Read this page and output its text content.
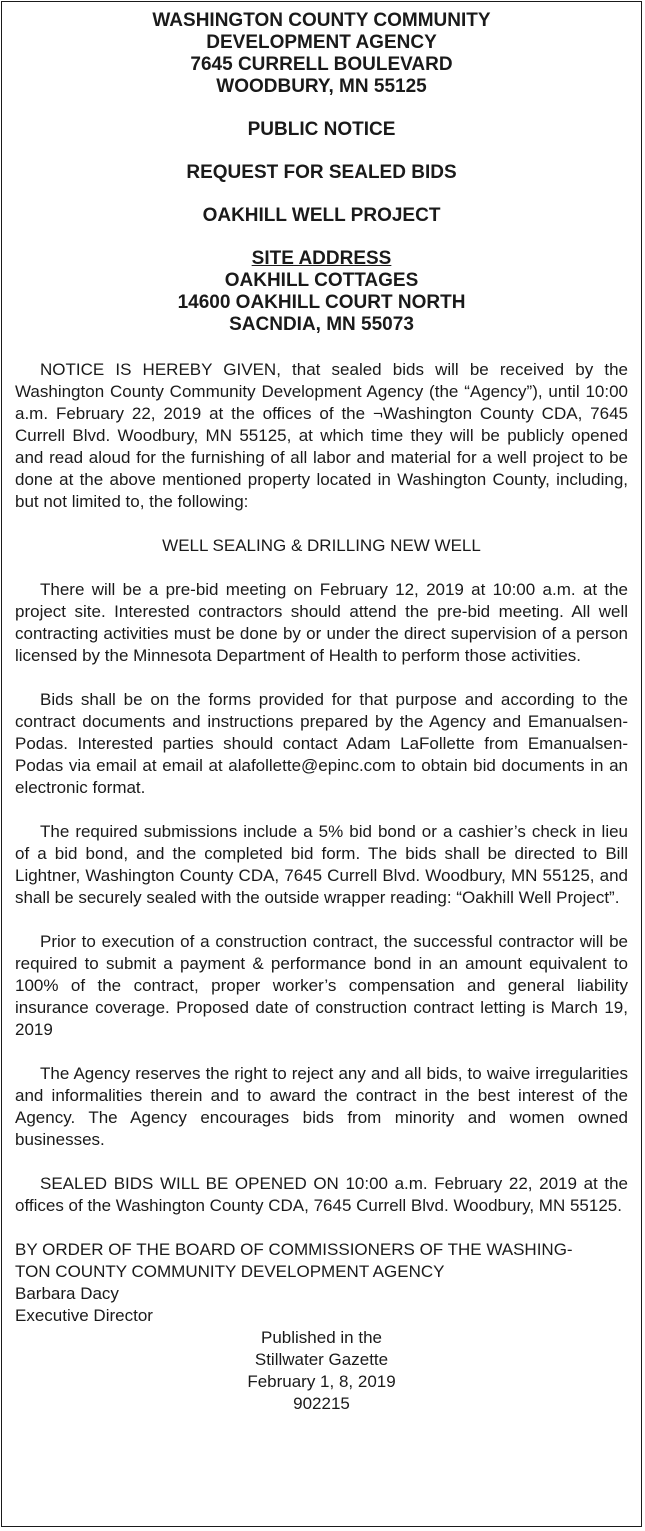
WASHINGTON COUNTY COMMUNITY
DEVELOPMENT AGENCY
7645 CURRELL BOULEVARD
WOODBURY, MN 55125
PUBLIC NOTICE
REQUEST FOR SEALED BIDS
OAKHILL WELL PROJECT
SITE ADDRESS
OAKHILL COTTAGES
14600 OAKHILL COURT NORTH
SACNDIA, MN 55073

NOTICE IS HEREBY GIVEN, that sealed bids will be received by the Washington County Community Development Agency (the “Agency”), until 10:00 a.m. February 22, 2019 at the offices of the ¬Washington County CDA, 7645 Currell Blvd. Woodbury, MN 55125, at which time they will be publicly opened and read aloud for the furnishing of all labor and material for a well project to be done at the above mentioned property located in Washington County, including, but not limited to, the following:

WELL SEALING & DRILLING NEW WELL

There will be a pre-bid meeting on February 12, 2019 at 10:00 a.m. at the project site. Interested contractors should attend the pre-bid meeting. All well contracting activities must be done by or under the direct supervision of a person licensed by the Minnesota Department of Health to perform those activities.

Bids shall be on the forms provided for that purpose and according to the contract documents and instructions prepared by the Agency and Emanualsen-Podas. Interested parties should contact Adam LaFollette from Emanualsen-Podas via email at email at alafollette@epinc.com to obtain bid documents in an electronic format.

The required submissions include a 5% bid bond or a cashier’s check in lieu of a bid bond, and the completed bid form. The bids shall be directed to Bill Lightner, Washington County CDA, 7645 Currell Blvd. Woodbury, MN 55125, and shall be securely sealed with the outside wrapper reading: “Oakhill Well Project”.

Prior to execution of a construction contract, the successful contractor will be required to submit a payment & performance bond in an amount equivalent to 100% of the contract, proper worker’s compensation and general liability insurance coverage. Proposed date of construction contract letting is March 19, 2019

The Agency reserves the right to reject any and all bids, to waive irregularities and informalities therein and to award the contract in the best interest of the Agency. The Agency encourages bids from minority and women owned businesses.

SEALED BIDS WILL BE OPENED ON 10:00 a.m. February 22, 2019 at the offices of the Washington County CDA, 7645 Currell Blvd. Woodbury, MN 55125.

BY ORDER OF THE BOARD OF COMMISSIONERS OF THE WASHING-

TON COUNTY COMMUNITY DEVELOPMENT AGENCY

Barbara Dacy

Executive Director

Published in the

Stillwater Gazette

February 1, 8, 2019

902215
